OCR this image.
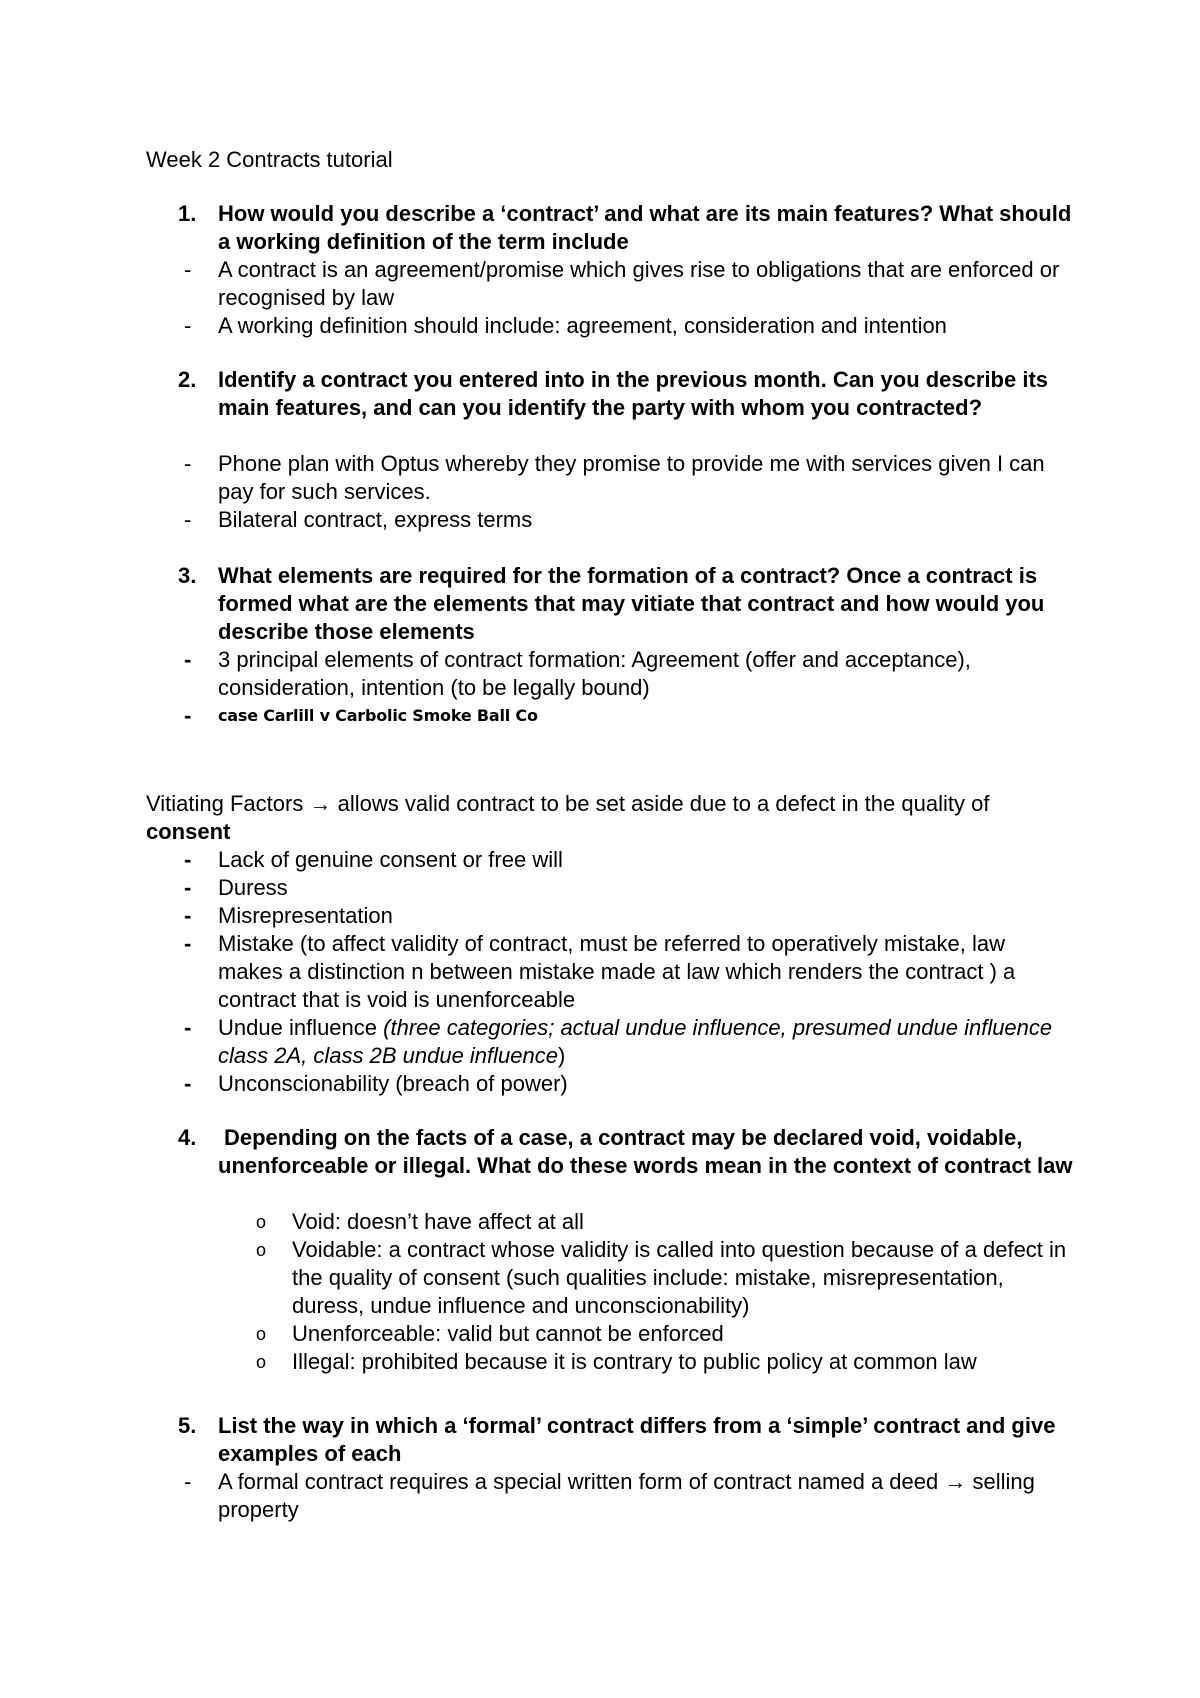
Week 2 Contracts tutorial
1. How would you describe a ‘contract’ and what are its main features? What should a working definition of the term include
- A contract is an agreement/promise which gives rise to obligations that are enforced or recognised by law
- A working definition should include: agreement, consideration and intention
2. Identify a contract you entered into in the previous month. Can you describe its main features, and can you identify the party with whom you contracted?
- Phone plan with Optus whereby they promise to provide me with services given I can pay for such services.
- Bilateral contract, express terms
3. What elements are required for the formation of a contract? Once a contract is formed what are the elements that may vitiate that contract and how would you describe those elements
- 3 principal elements of contract formation: Agreement (offer and acceptance), consideration, intention (to be legally bound)
- case Carlill v Carbolic Smoke Ball Co
Vitiating Factors → allows valid contract to be set aside due to a defect in the quality of consent
- Lack of genuine consent or free will
- Duress
- Misrepresentation
- Mistake (to affect validity of contract, must be referred to operatively mistake, law makes a distinction n between mistake made at law which renders the contract ) a contract that is void is unenforceable
- Undue influence (three categories; actual undue influence, presumed undue influence class 2A, class 2B undue influence)
- Unconscionability (breach of power)
4. Depending on the facts of a case, a contract may be declared void, voidable, unenforceable or illegal. What do these words mean in the context of contract law
o Void: doesn’t have affect at all
o Voidable: a contract whose validity is called into question because of a defect in the quality of consent (such qualities include: mistake, misrepresentation, duress, undue influence and unconscionability)
o Unenforceable: valid but cannot be enforced
o Illegal: prohibited because it is contrary to public policy at common law
5. List the way in which a ‘formal’ contract differs from a ‘simple’ contract and give examples of each
- A formal contract requires a special written form of contract named a deed → selling property
